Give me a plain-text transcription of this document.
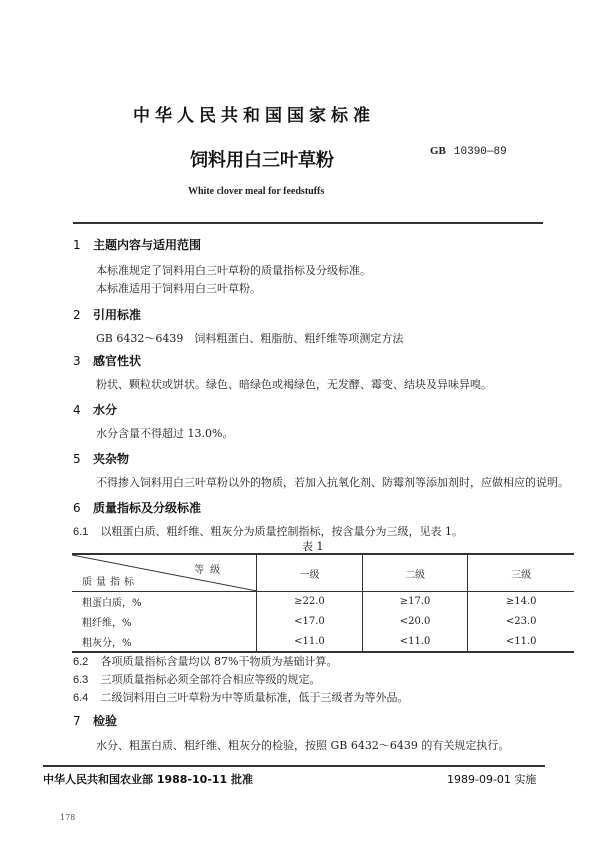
中华人民共和国国家标准
GB 10390—89
饲料用白三叶草粉
White clover meal for feedstuffs
1 主题内容与适用范围
本标准规定了饲料用白三叶草粉的质量指标及分级标准。
本标准适用于饲料用白三叶草粉。
2 引用标准
GB 6432～6439　饲料粗蛋白、粗脂肪、粗纤维等项测定方法
3 感官性状
粉状、颗粒状或饼状。绿色、暗绿色或褐绿色，无发酵、霉变、结块及异味异嗅。
4 水分
水分含量不得超过 13.0%。
5 夹杂物
不得掺入饲料用白三叶草粉以外的物质，若加入抗氧化剂、防霉剂等添加剂时，应做相应的说明。
6 质量指标及分级标准
6.1 以粗蛋白质、粗纤维、粗灰分为质量控制指标，按含量分为三级，见表 1。
表 1
等级
质量指标	一级	二级	三级
粗蛋白质，%	≥22.0	≥17.0	≥14.0
粗纤维，%	<17.0	<20.0	<23.0
粗灰分，%	<11.0	<11.0	<11.0
6.2 各项质量指标含量均以 87%干物质为基础计算。
6.3 三项质量指标必须全部符合相应等级的规定。
6.4 二级饲料用白三叶草粉为中等质量标准，低于三级者为等外品。
7 检验
水分、粗蛋白质、粗纤维、粗灰分的检验，按照 GB 6432～6439 的有关规定执行。
中华人民共和国农业部 1988-10-11 批准	1989-09-01 实施
178
